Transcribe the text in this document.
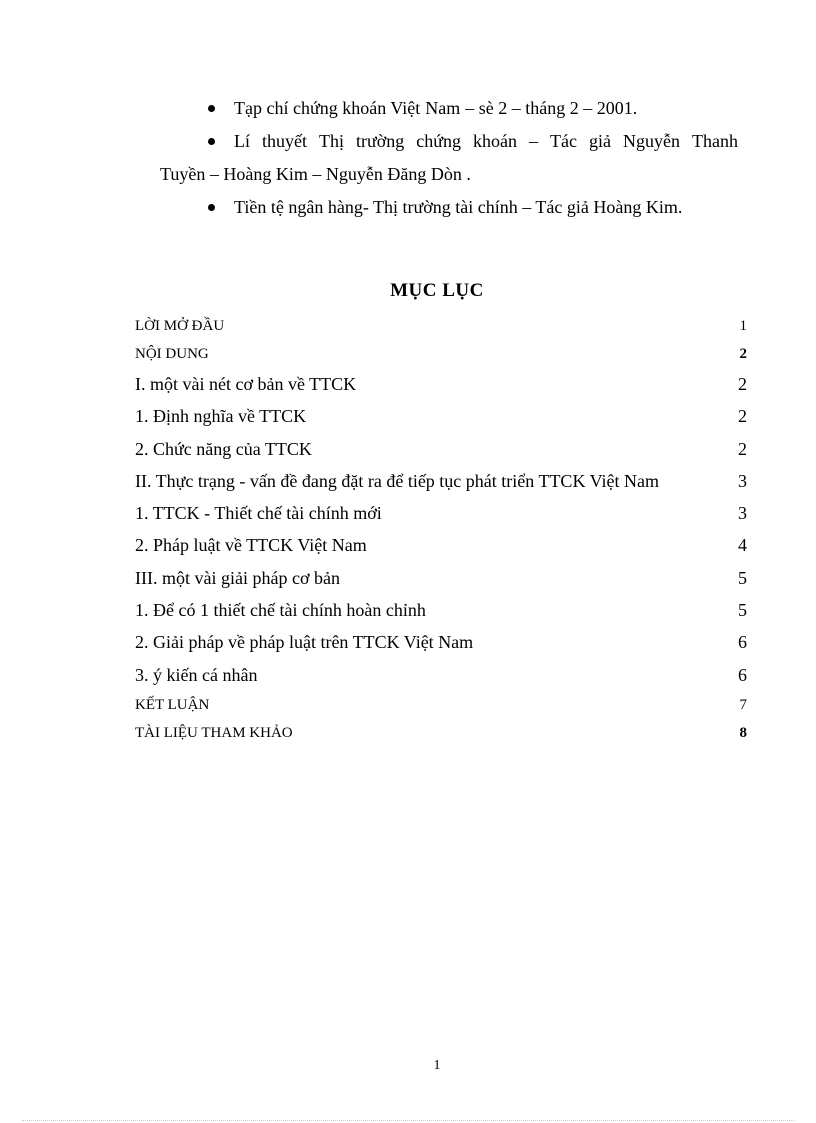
Tạp chí chứng khoán Việt Nam – sè 2 – tháng 2 – 2001.
Lí thuyết Thị trường chứng khoán – Tác giả Nguyễn Thanh
Tuyền – Hoàng Kim – Nguyễn Đăng Dòn .
Tiền tệ ngân hàng- Thị trường tài chính – Tác giả Hoàng Kim.
MỤC LỤC
LỜI MỞ ĐẦU	1
NỘI DUNG	2
I. một vài nét cơ bản về TTCK	2
1. Định nghĩa về TTCK	2
2. Chức năng của TTCK	2
II. Thực trạng - vấn đề đang đặt ra để tiếp tục phát triển TTCK Việt Nam	3
1. TTCK - Thiết chế tài chính mới	3
2. Pháp luật về TTCK Việt Nam	4
III. một vài giải pháp cơ bản	5
1. Để có 1 thiết chế tài chính hoàn chỉnh	5
2. Giải pháp về pháp luật trên TTCK Việt Nam	6
3. ý kiến cá nhân	6
KẾT LUẬN	7
TÀI LIỆU THAM KHẢO	8
1
